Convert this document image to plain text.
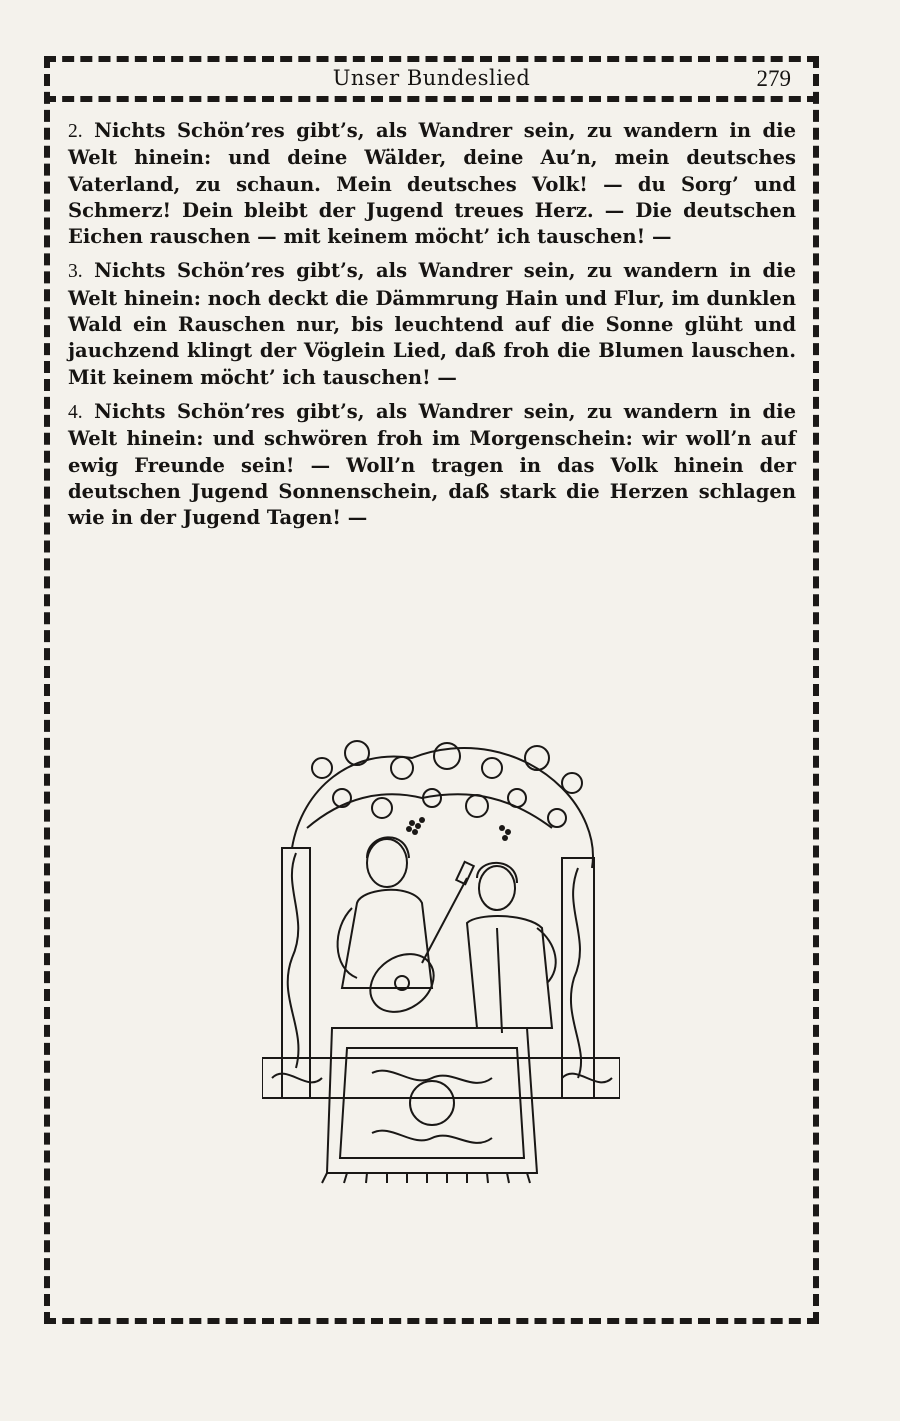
Unser Bundeslied	279

2. Nichts Schön’res gibt’s, als Wandrer sein, zu wandern in die Welt hinein: und deine Wälder, deine Au’n, mein deutsches Vaterland, zu schaun. Mein deutsches Volk! — du Sorg’ und Schmerz! Dein bleibt der Jugend treues Herz. — Die deutschen Eichen rauschen — mit keinem möcht’ ich tauschen! —

3. Nichts Schön’res gibt’s, als Wandrer sein, zu wandern in die Welt hinein: noch deckt die Dämmrung Hain und Flur, im dunklen Wald ein Rauschen nur, bis leuchtend auf die Sonne glüht und jauchzend klingt der Vöglein Lied, daß froh die Blumen lauschen. Mit keinem möcht’ ich tauschen! —

4. Nichts Schön’res gibt’s, als Wandrer sein, zu wandern in die Welt hinein: und schwören froh im Morgenschein: wir woll’n auf ewig Freunde sein! — Woll’n tragen in das Volk hinein der deutschen Jugend Sonnenschein, daß stark die Herzen schlagen wie in der Jugend Tagen! —
